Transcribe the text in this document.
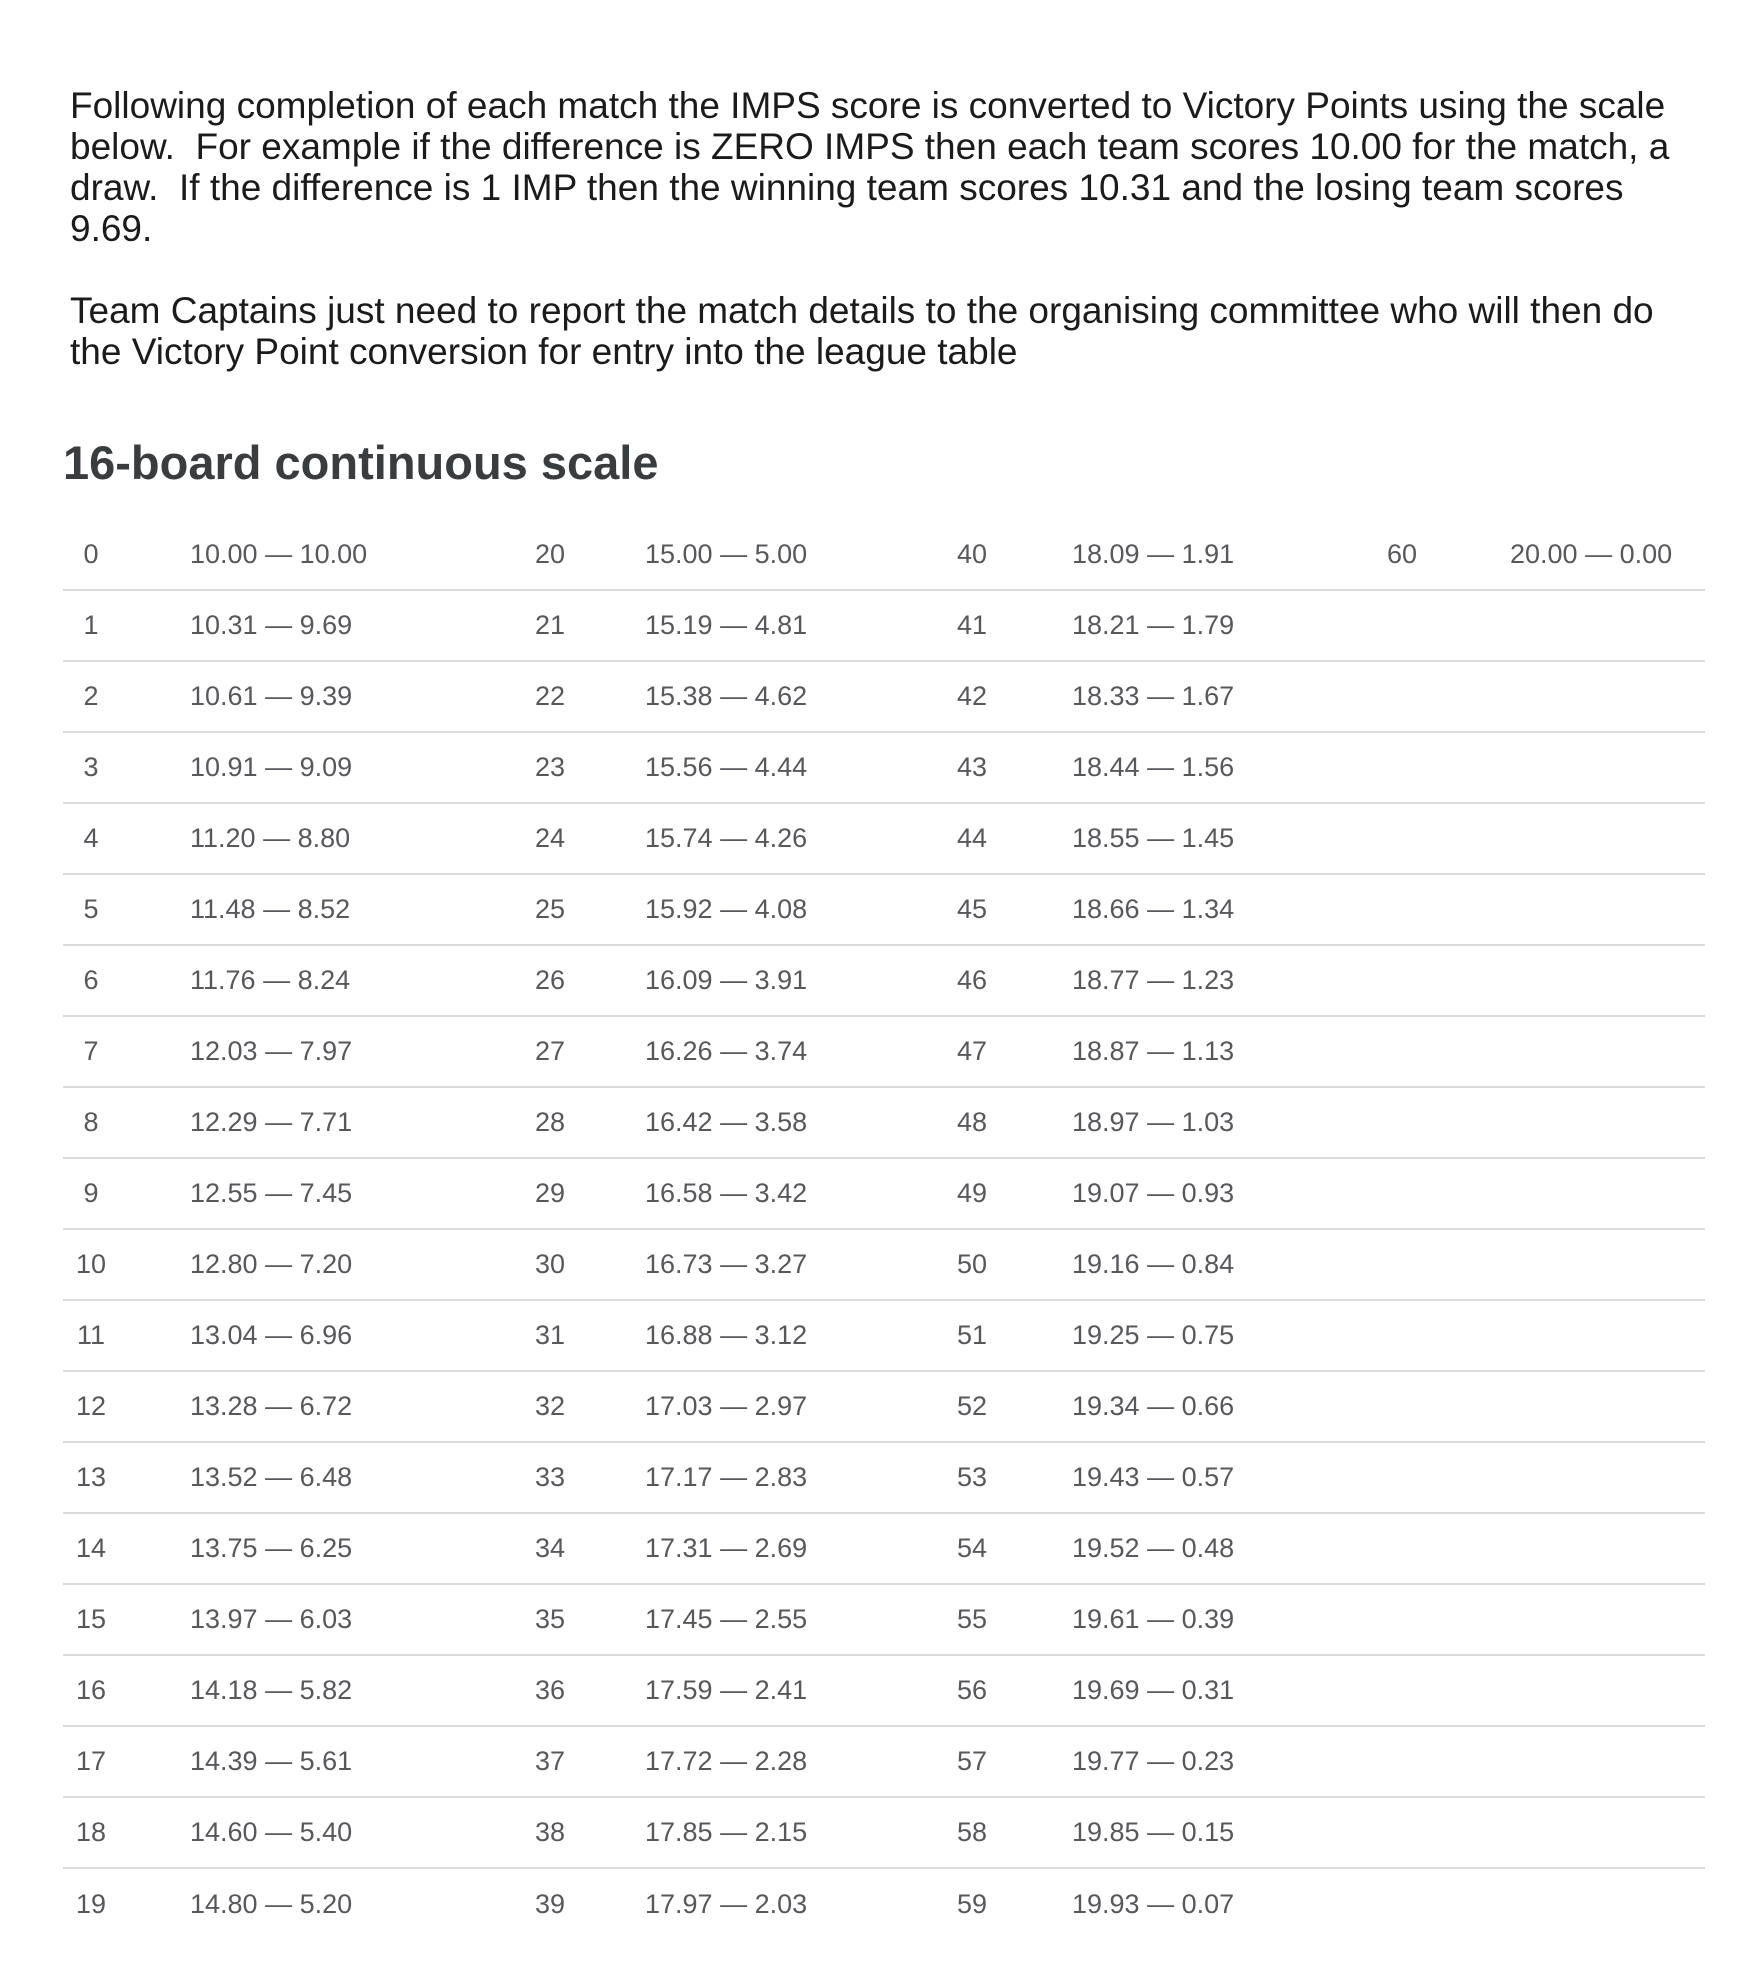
Following completion of each match the IMPS score is converted to Victory Points using the scale below.  For example if the difference is ZERO IMPS then each team scores 10.00 for the match, a draw.  If the difference is 1 IMP then the winning team scores 10.31 and the losing team scores 9.69.

Team Captains just need to report the match details to the organising committee who will then do the Victory Point conversion for entry into the league table

16-board continuous scale
0	10.00 — 10.00	20	15.00 — 5.00	40	18.09 — 1.91	60	20.00 — 0.00
1	10.31 — 9.69	21	15.19 — 4.81	41	18.21 — 1.79
2	10.61 — 9.39	22	15.38 — 4.62	42	18.33 — 1.67
3	10.91 — 9.09	23	15.56 — 4.44	43	18.44 — 1.56
4	11.20 — 8.80	24	15.74 — 4.26	44	18.55 — 1.45
5	11.48 — 8.52	25	15.92 — 4.08	45	18.66 — 1.34
6	11.76 — 8.24	26	16.09 — 3.91	46	18.77 — 1.23
7	12.03 — 7.97	27	16.26 — 3.74	47	18.87 — 1.13
8	12.29 — 7.71	28	16.42 — 3.58	48	18.97 — 1.03
9	12.55 — 7.45	29	16.58 — 3.42	49	19.07 — 0.93
10	12.80 — 7.20	30	16.73 — 3.27	50	19.16 — 0.84
11	13.04 — 6.96	31	16.88 — 3.12	51	19.25 — 0.75
12	13.28 — 6.72	32	17.03 — 2.97	52	19.34 — 0.66
13	13.52 — 6.48	33	17.17 — 2.83	53	19.43 — 0.57
14	13.75 — 6.25	34	17.31 — 2.69	54	19.52 — 0.48
15	13.97 — 6.03	35	17.45 — 2.55	55	19.61 — 0.39
16	14.18 — 5.82	36	17.59 — 2.41	56	19.69 — 0.31
17	14.39 — 5.61	37	17.72 — 2.28	57	19.77 — 0.23
18	14.60 — 5.40	38	17.85 — 2.15	58	19.85 — 0.15
19	14.80 — 5.20	39	17.97 — 2.03	59	19.93 — 0.07
